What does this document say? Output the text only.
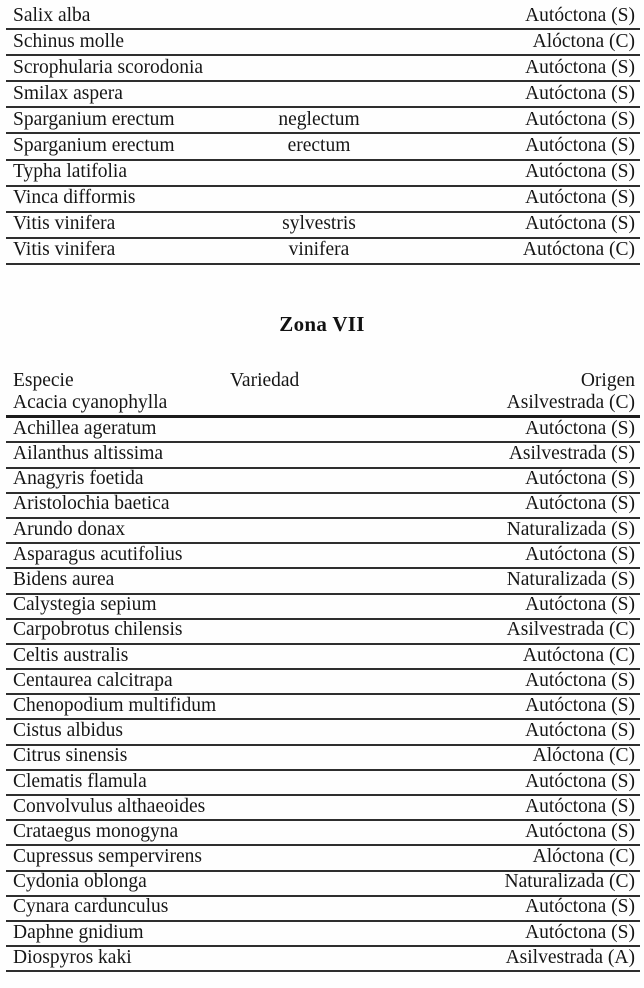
Salix alba	Autóctona (S)
Schinus molle	Alóctona (C)
Scrophularia scorodonia	Autóctona (S)
Smilax aspera	Autóctona (S)
Sparganium erectum	neglectum	Autóctona (S)
Sparganium erectum	erectum	Autóctona (S)
Typha latifolia	Autóctona (S)
Vinca difformis	Autóctona (S)
Vitis vinifera	sylvestris	Autóctona (S)
Vitis vinifera	vinifera	Autóctona (C)
Zona VII
Especie	Variedad	Origen
Acacia cyanophylla	Asilvestrada (C)
Achillea ageratum	Autóctona (S)
Ailanthus altissima	Asilvestrada (S)
Anagyris foetida	Autóctona (S)
Aristolochia baetica	Autóctona (S)
Arundo donax	Naturalizada (S)
Asparagus acutifolius	Autóctona (S)
Bidens aurea	Naturalizada (S)
Calystegia sepium	Autóctona (S)
Carpobrotus chilensis	Asilvestrada (C)
Celtis australis	Autóctona (C)
Centaurea calcitrapa	Autóctona (S)
Chenopodium multifidum	Autóctona (S)
Cistus albidus	Autóctona (S)
Citrus sinensis	Alóctona (C)
Clematis flamula	Autóctona (S)
Convolvulus althaeoides	Autóctona (S)
Crataegus monogyna	Autóctona (S)
Cupressus sempervirens	Alóctona (C)
Cydonia oblonga	Naturalizada (C)
Cynara cardunculus	Autóctona (S)
Daphne gnidium	Autóctona (S)
Diospyros kaki	Asilvestrada (A)
